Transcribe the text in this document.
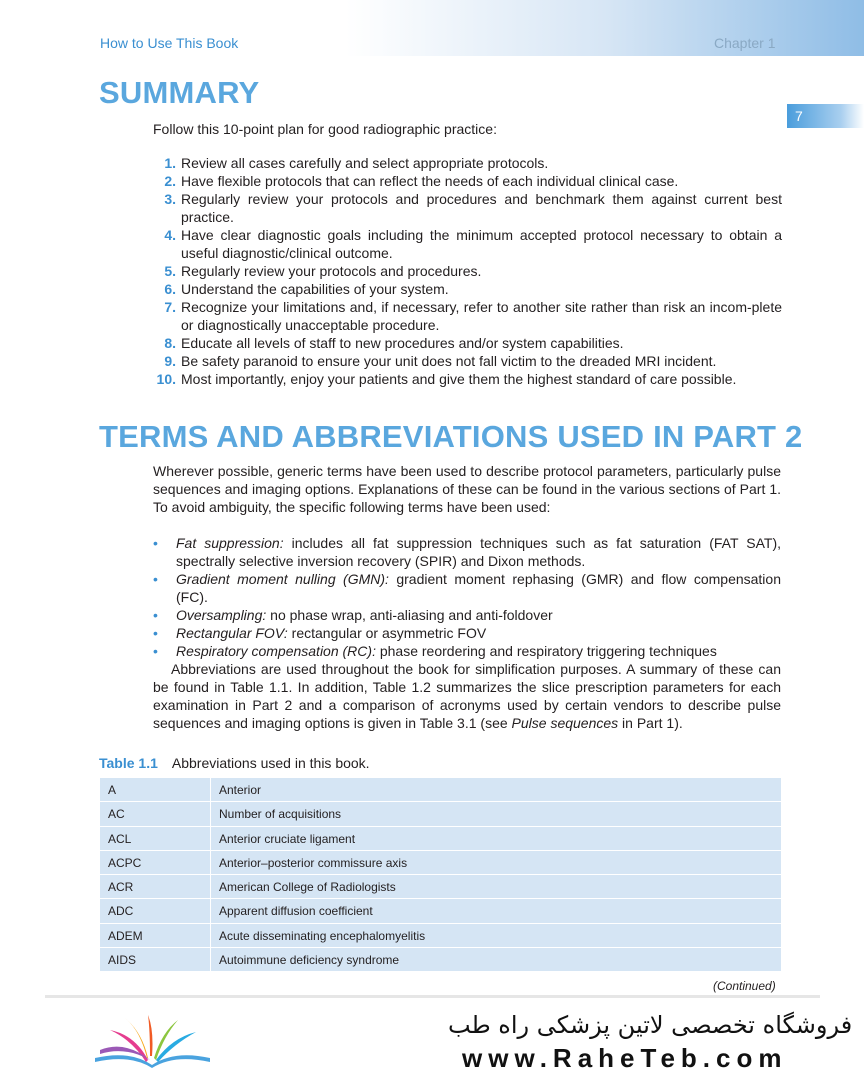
How to Use This Book	Chapter 1
7
SUMMARY

Follow this 10-point plan for good radiographic practice:

1. Review all cases carefully and select appropriate protocols.
2. Have flexible protocols that can reflect the needs of each individual clinical case.
3. Regularly review your protocols and procedures and benchmark them against current best practice.
4. Have clear diagnostic goals including the minimum accepted protocol necessary to obtain a useful diagnostic/clinical outcome.
5. Regularly review your protocols and procedures.
6. Understand the capabilities of your system.
7. Recognize your limitations and, if necessary, refer to another site rather than risk an incom-plete or diagnostically unacceptable procedure.
8. Educate all levels of staff to new procedures and/or system capabilities.
9. Be safety paranoid to ensure your unit does not fall victim to the dreaded MRI incident.
10. Most importantly, enjoy your patients and give them the highest standard of care possible.
TERMS AND ABBREVIATIONS USED IN PART 2

Wherever possible, generic terms have been used to describe protocol parameters, particularly pulse sequences and imaging options. Explanations of these can be found in the various sections of Part 1. To avoid ambiguity, the specific following terms have been used:

• Fat suppression: includes all fat suppression techniques such as fat saturation (FAT SAT), spectrally selective inversion recovery (SPIR) and Dixon methods.
• Gradient moment nulling (GMN): gradient moment rephasing (GMR) and flow compensation (FC).
• Oversampling: no phase wrap, anti-aliasing and anti-foldover
• Rectangular FOV: rectangular or asymmetric FOV
• Respiratory compensation (RC): phase reordering and respiratory triggering techniques

Abbreviations are used throughout the book for simplification purposes. A summary of these can be found in Table 1.1. In addition, Table 1.2 summarizes the slice prescription parameters for each examination in Part 2 and a comparison of acronyms used by certain vendors to describe pulse sequences and imaging options is given in Table 3.1 (see Pulse sequences in Part 1).

Table 1.1 Abbreviations used in this book.
A	Anterior
AC	Number of acquisitions
ACL	Anterior cruciate ligament
ACPC	Anterior–posterior commissure axis
ACR	American College of Radiologists
ADC	Apparent diffusion coefficient
ADEM	Acute disseminating encephalomyelitis
AIDS	Autoimmune deficiency syndrome
(Continued)
فروشگاه تخصصی لاتین پزشکی راه طب
www.RaheTeb.com
